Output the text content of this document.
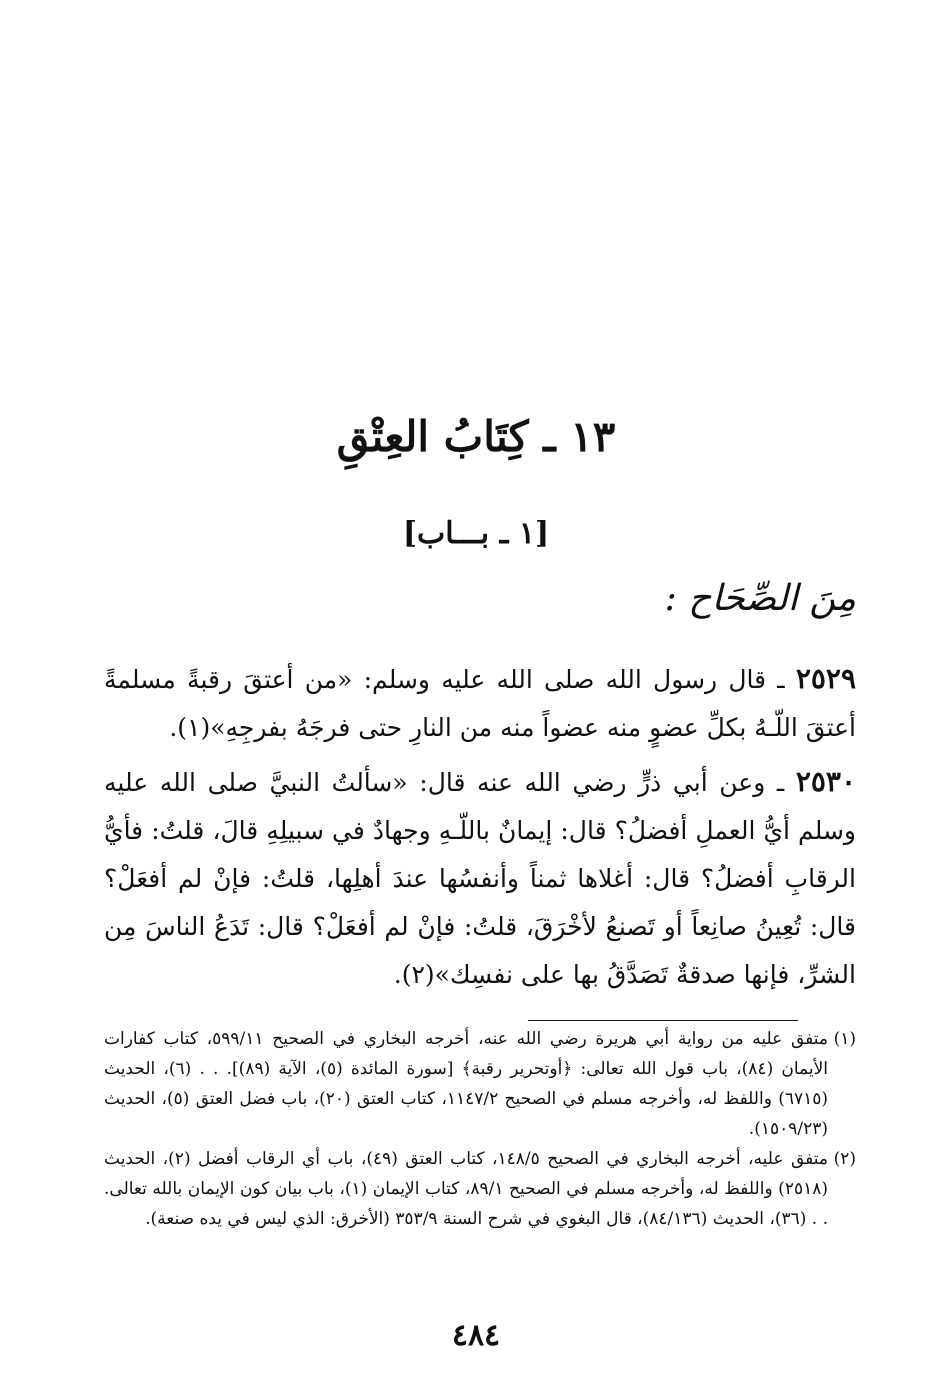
١٣ ـ كِتَابُ العِتْقِ
[١ ـ بـــاب]
مِنَ الصِّحَاح :

٢٥٢٩ ـ قال رسول الله صلى الله عليه وسلم: «من أعتقَ رقبةً مسلمةً أعتقَ اللّـهُ بكلِّ عضوٍ منه عضواً منه من النارِ حتى فرجَهُ بفرجِهِ»(١).

٢٥٣٠ ـ وعن أبي ذرٍّ رضي الله عنه قال: «سألتُ النبيَّ صلى الله عليه وسلم أيُّ العملِ أفضلُ؟ قال: إيمانٌ باللّـهِ وجهادٌ في سبيلِهِ قالَ، قلتُ: فأيُّ الرقابِ أفضلُ؟ قال: أغلاها ثمناً وأنفسُها عندَ أهلِها، قلتُ: فإنْ لم أفعَلْ؟ قال: تُعِينُ صانِعاً أو تَصنعُ لأخْرَقَ، قلتُ: فإنْ لم أفعَلْ؟ قال: تَدَعُ الناسَ مِن الشرِّ، فإنها صدقةٌ تَصَدَّقُ بها على نفسِك»(٢).

(١)متفق عليه من رواية أبي هريرة رضي الله عنه، أخرجه البخاري في الصحيح ٥٩٩/١١، كتاب كفارات الأيمان (٨٤)، باب قول الله تعالى: ﴿أوتحرير رقبة﴾ [سورة المائدة (٥)، الآية (٨٩)]. . . (٦)، الحديث (٦٧١٥) واللفظ له، وأخرجه مسلم في الصحيح ١١٤٧/٢، كتاب العتق (٢٠)، باب فضل العتق (٥)، الحديث (١٥٠٩/٢٣).

(٢)متفق عليه، أخرجه البخاري في الصحيح ١٤٨/٥، كتاب العتق (٤٩)، باب أي الرقاب أفضل (٢)، الحديث (٢٥١٨) واللفظ له، وأخرجه مسلم في الصحيح ٨٩/١، كتاب الإيمان (١)، باب بيان كون الإيمان بالله تعالى. . . (٣٦)، الحديث (٨٤/١٣٦)، قال البغوي في شرح السنة ٣٥٣/٩ (الأخرق: الذي ليس في يده صنعة).

٤٨٤
